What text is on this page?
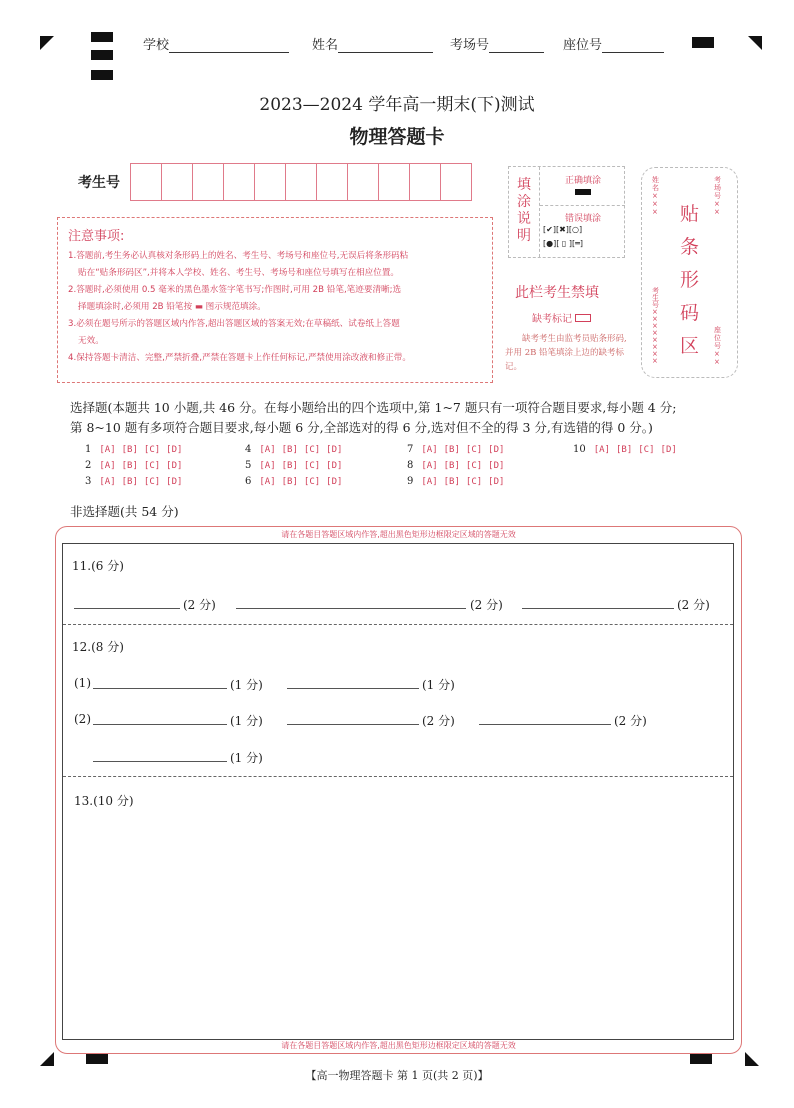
学校	姓名	考场号	座位号
2023—2024 学年高一期末(下)测试
物理答题卡
考生号
注意事项:
1.答题前,考生务必认真核对条形码上的姓名、考生号、考场号和座位号,无误后将条形码粘
贴在“贴条形码区”,并将本人学校、姓名、考生号、考场号和座位号填写在相应位置。
2.答题时,必须使用 0.5 毫米的黑色墨水签字笔书写;作图时,可用 2B 铅笔,笔迹要清晰;选
择题填涂时,必须用 2B 铅笔按 ▬ 图示规范填涂。
3.必须在题号所示的答题区域内作答,超出答题区域的答案无效;在草稿纸、试卷纸上答题
无效。
4.保持答题卡清洁、完整,严禁折叠,严禁在答题卡上作任何标记,严禁使用涂改液和修正带。
填涂说明
正确填涂
错误填涂
[✔][✖][○]
[●][ ▯ ][═]
此栏考生禁填
缺考标记
缺考考生由监考员贴条形码,并用 2B 铅笔填涂上边的缺考标记。
贴条形码区
姓名×××
考场号××
考生号××××××××
座位号××
选择题(本题共 10 小题,共 46 分。在每小题给出的四个选项中,第 1~7 题只有一项符合题目要求,每小题 4 分;
第 8~10 题有多项符合题目要求,每小题 6 分,全部选对的得 6 分,选对但不全的得 3 分,有选错的得 0 分。)
非选择题(共 54 分)
请在各题目答题区域内作答,超出黑色矩形边框限定区域的答题无效
请在各题目答题区域内作答,超出黑色矩形边框限定区域的答题无效
11.(6 分)
(2 分)	(2 分)	(2 分)
12.(8 分)
(1)	(1 分)	(1 分)
(2)	(1 分)	(2 分)	(2 分)
(1 分)
13.(10 分)
【高一物理答题卡 第 1 页(共 2 页)】
1 [A] [B] [C] [D]
2 [A] [B] [C] [D]
3 [A] [B] [C] [D]
4 [A] [B] [C] [D]
5 [A] [B] [C] [D]
6 [A] [B] [C] [D]
7 [A] [B] [C] [D]
8 [A] [B] [C] [D]
9 [A] [B] [C] [D]
10 [A] [B] [C] [D]
